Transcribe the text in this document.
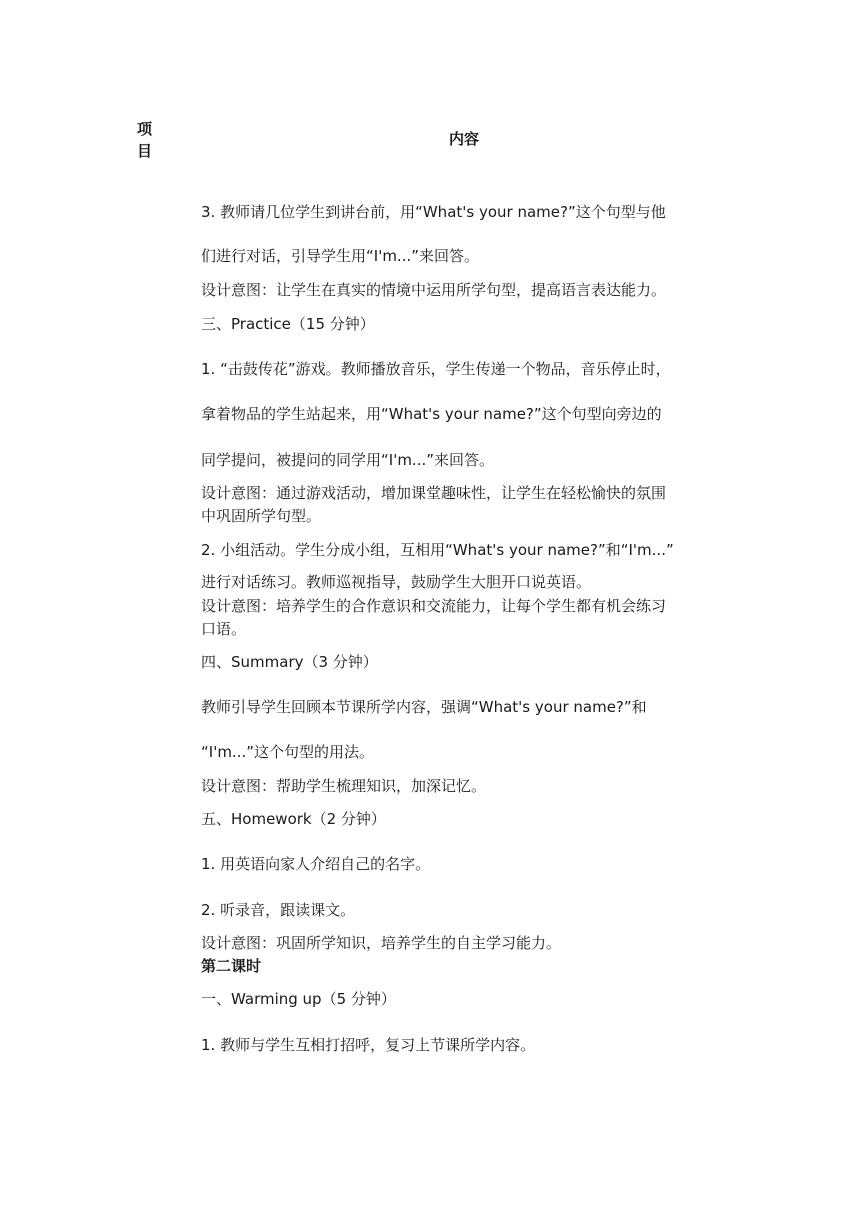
项目
内容
3. 教师请几位学生到讲台前，用“What's your name?”这个句型与他
们进行对话，引导学生用“I'm...”来回答。
设计意图：让学生在真实的情境中运用所学句型，提高语言表达能力。
三、Practice（15 分钟）
1. “击鼓传花”游戏。教师播放音乐，学生传递一个物品，音乐停止时，
拿着物品的学生站起来，用“What's your name?”这个句型向旁边的
同学提问，被提问的同学用“I'm...”来回答。
设计意图：通过游戏活动，增加课堂趣味性，让学生在轻松愉快的氛围
中巩固所学句型。
2. 小组活动。学生分成小组，互相用“What's your name?”和“I'm...”
进行对话练习。教师巡视指导，鼓励学生大胆开口说英语。
设计意图：培养学生的合作意识和交流能力，让每个学生都有机会练习
口语。
四、Summary（3 分钟）
教师引导学生回顾本节课所学内容，强调“What's your name?”和
“I'm...”这个句型的用法。
设计意图：帮助学生梳理知识，加深记忆。
五、Homework（2 分钟）
1. 用英语向家人介绍自己的名字。
2. 听录音，跟读课文。
设计意图：巩固所学知识，培养学生的自主学习能力。
第二课时
一、Warming up（5 分钟）
1. 教师与学生互相打招呼，复习上节课所学内容。
